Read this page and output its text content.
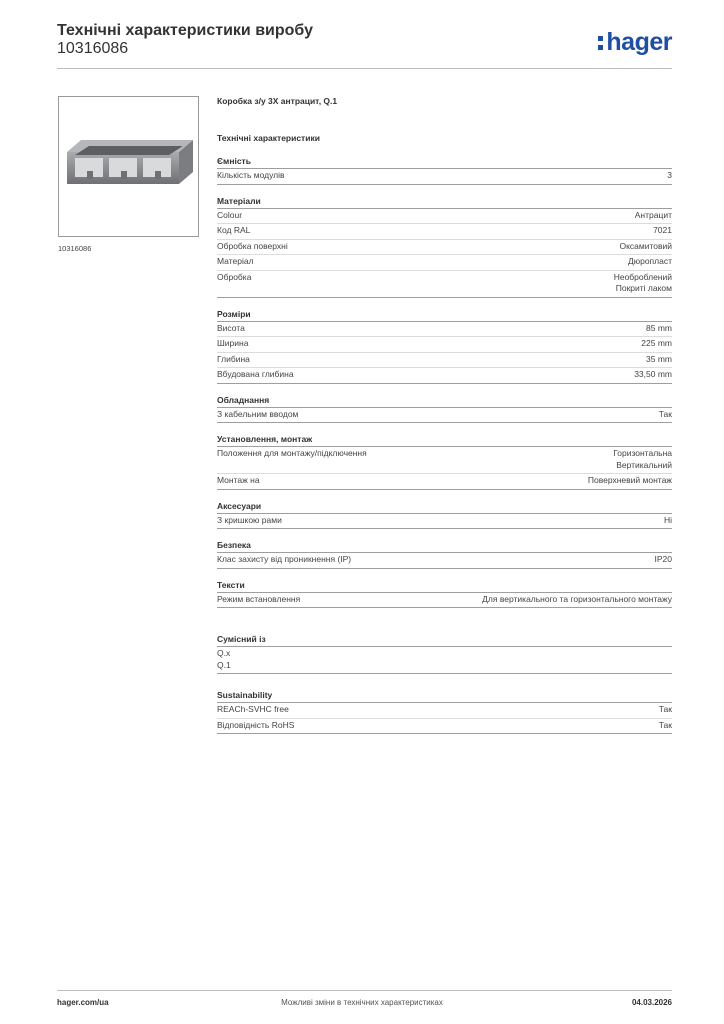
Технічні характеристики виробу
10316086	hager
10316086
Коробка з/у 3X антрацит, Q.1
Технічні характеристики
Ємність
Кількість модулів	3
Матеріали
Colour	Антрацит
Код RAL	7021
Обробка поверхні	Оксамитовий
Матеріал	Дюропласт
Обробка	Необроблений
Покриті лаком
Розміри
Висота	85 mm
Ширина	225 mm
Глибина	35 mm
Вбудована глибина	33,50 mm
Обладнання
З кабельним вводом	Так
Установлення, монтаж
Положення для монтажу/підключення	Горизонтальна
Вертикальний
Монтаж на	Поверхневий монтаж
Аксесуари
З кришкою рами	Ні
Безпека
Клас захисту від проникнення (IP)	IP20
Тексти
Режим встановлення	Для вертикального та горизонтального монтажу
Сумісний із
Q.x
Q.1
Sustainability
REACh-SVHC free	Так
Відповідність RoHS	Так
hager.com/ua	Можливі зміни в технічних характеристиках	04.03.2026
